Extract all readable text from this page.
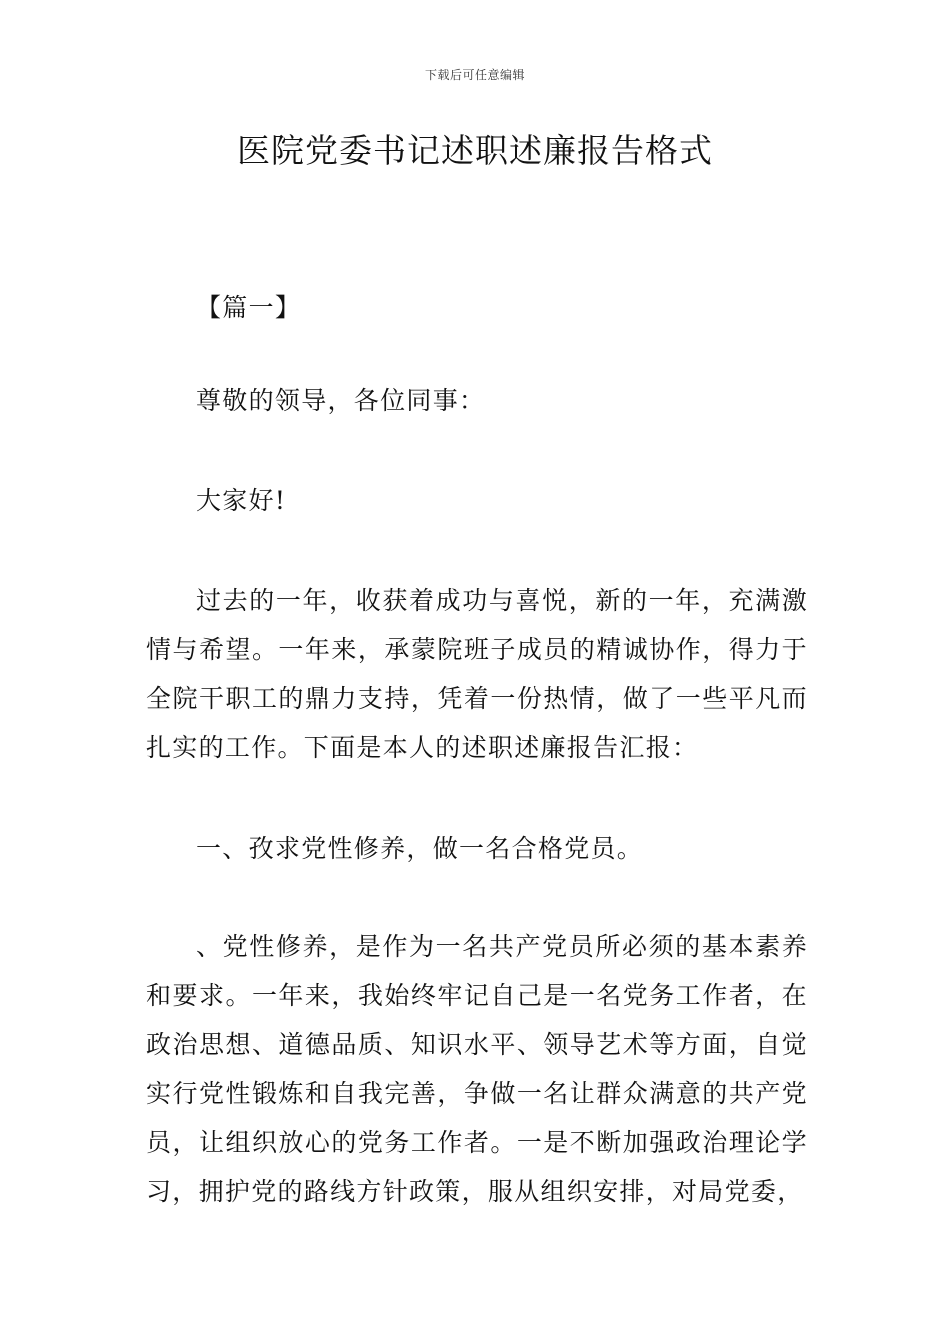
下载后可任意编辑
医院党委书记述职述廉报告格式

【篇一】

尊敬的领导，各位同事：

大家好!

过去的一年，收获着成功与喜悦，新的一年，充满激情与希望。一年来，承蒙院班子成员的精诚协作，得力于全院干职工的鼎力支持，凭着一份热情，做了一些平凡而扎实的工作。下面是本人的述职述廉报告汇报：

一、孜求党性修养，做一名合格党员。

、党性修养，是作为一名共产党员所必须的基本素养和要求。一年来，我始终牢记自己是一名党务工作者，在政治思想、道德品质、知识水平、领导艺术等方面，自觉实行党性锻炼和自我完善，争做一名让群众满意的共产党员，让组织放心的党务工作者。一是不断加强政治理论学习，拥护党的路线方针政策，服从组织安排，对局党委，
